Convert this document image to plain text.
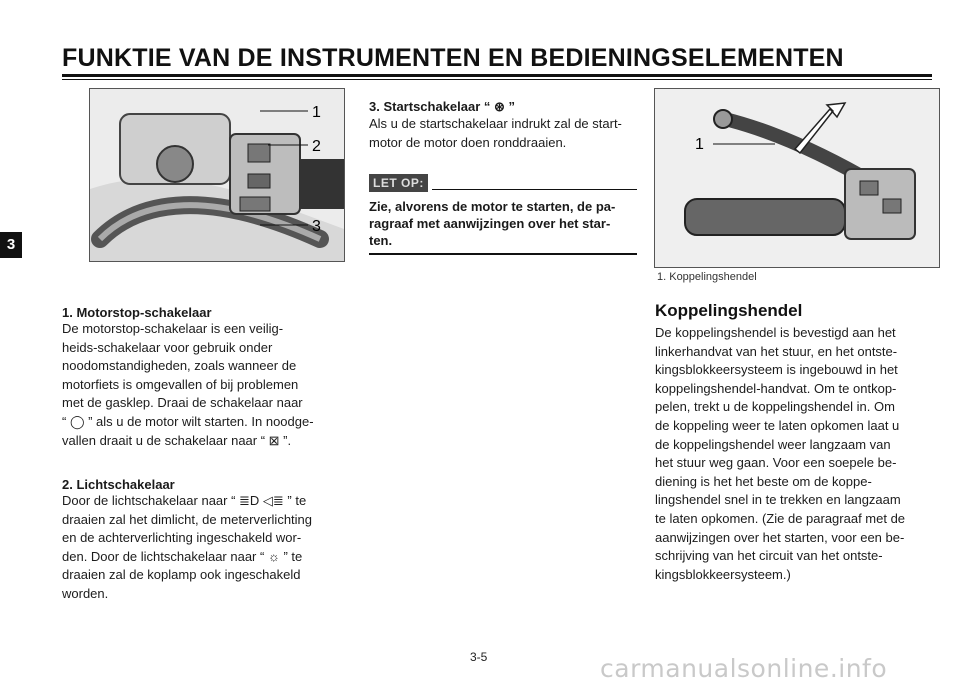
FUNKTIE VAN DE INSTRUMENTEN EN BEDIENINGSELEMENTEN
3
1
2
3
1
1. Koppelingshendel
1. Motorstop-schakelaar
De motorstop-schakelaar is een veilig-
heids-schakelaar voor gebruik onder
noodomstandigheden, zoals wanneer de
motorfiets is omgevallen of bij problemen
met de gasklep. Draai de schakelaar naar
“ ◯ ” als u de motor wilt starten. In noodge-
vallen draait u de schakelaar naar “ ⊠ ”.
2. Lichtschakelaar
Door de lichtschakelaar naar “ ≣D ◁≣ ” te
draaien zal het dimlicht, de meterverlichting
en de achterverlichting ingeschakeld wor-
den. Door de lichtschakelaar naar “ ☼ ” te
draaien zal de koplamp ook ingeschakeld
worden.
3. Startschakelaar “ ⊛ ”
Als u de startschakelaar indrukt zal de start-
motor de motor doen ronddraaien.
LET OP:
Zie, alvorens de motor te starten, de pa-
ragraaf met aanwijzingen over het star-
ten.
Koppelingshendel
De koppelingshendel is bevestigd aan het
linkerhandvat van het stuur, en het ontste-
kingsblokkeersysteem is ingebouwd in het
koppelingshendel-handvat. Om te ontkop-
pelen, trekt u de koppelingshendel in. Om
de koppeling weer te laten opkomen laat u
de koppelingshendel weer langzaam van
het stuur weg gaan. Voor een soepele be-
diening is het het beste om de koppe-
lingshendel snel in te trekken en langzaam
te laten opkomen. (Zie de paragraaf met de
aanwijzingen over het starten, voor een be-
schrijving van het circuit van het ontste-
kingsblokkeersysteem.)
3-5	carmanualsonline.info
